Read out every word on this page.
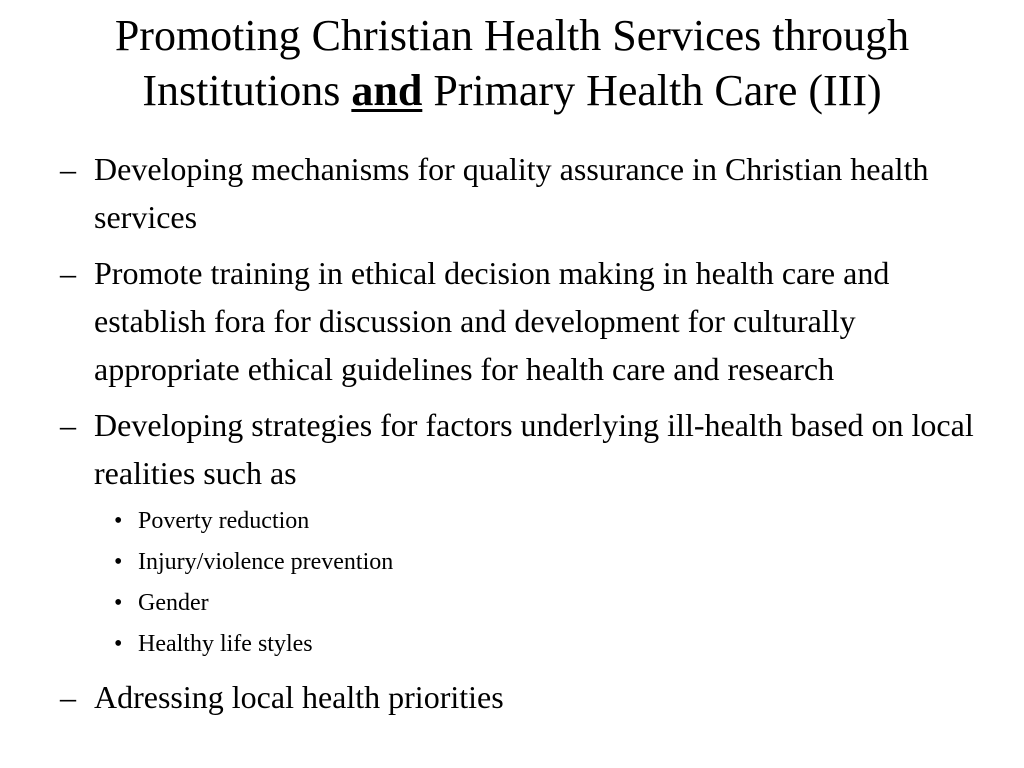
Promoting Christian Health Services through
Institutions and Primary Health Care (III)
– Developing mechanisms for quality assurance in Christian health services
– Promote training in ethical decision making in health care and establish fora for discussion and development for culturally appropriate ethical guidelines for health care and research
– Developing strategies for factors underlying ill-health based on local realities such as
• Poverty reduction
• Injury/violence prevention
• Gender
• Healthy life styles
– Adressing local health priorities
